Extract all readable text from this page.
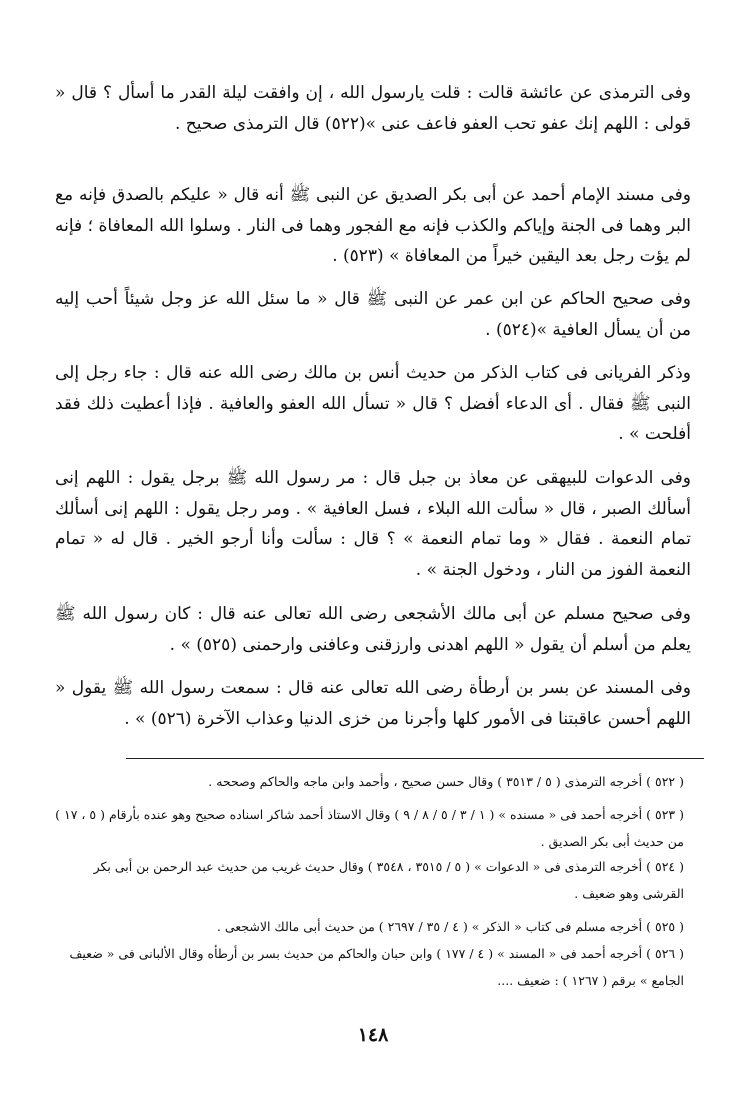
وفى الترمذى عن عائشة قالت : قلت يارسول الله ، إن وافقت ليلة القدر ما أسأل ؟ قال « قولى : اللهم إنك عفو تحب العفو فاعف عنى »(٥٢٢) قال الترمذى صحيح .

وفى مسند الإمام أحمد عن أبى بكر الصديق عن النبى ﷺ أنه قال « عليكم بالصدق فإنه مع البر وهما فى الجنة وإياكم والكذب فإنه مع الفجور وهما فى النار . وسلوا الله المعافاة ؛ فإنه لم يؤت رجل بعد اليقين خيراً من المعافاة » (٥٢٣) .

وفى صحيح الحاكم عن ابن عمر عن النبى ﷺ قال « ما سئل الله عز وجل شيئاً أحب إليه من أن يسأل العافية »(٥٢٤) .

وذكر الفريانى فى كتاب الذكر من حديث أنس بن مالك رضى الله عنه قال : جاء رجل إلى النبى ﷺ فقال . أى الدعاء أفضل ؟ قال « تسأل الله العفو والعافية . فإذا أعطيت ذلك فقد أفلحت » .

وفى الدعوات للبيهقى عن معاذ بن جبل قال : مر رسول الله ﷺ برجل يقول : اللهم إنى أسألك الصبر ، قال « سألت الله البلاء ، فسل العافية » . ومر رجل يقول : اللهم إنى أسألك تمام النعمة . فقال « وما تمام النعمة » ؟ قال : سألت وأنا أرجو الخير . قال له « تمام النعمة الفوز من النار ، ودخول الجنة » .

وفى صحيح مسلم عن أبى مالك الأشجعى رضى الله تعالى عنه قال : كان رسول الله ﷺ يعلم من أسلم أن يقول « اللهم اهدنى وارزقنى وعافنى وارحمنى (٥٢٥) » .

وفى المسند عن بسر بن أرطأة رضى الله تعالى عنه قال : سمعت رسول الله ﷺ يقول « اللهم أحسن عاقبتنا فى الأمور كلها وأجرنا من خزى الدنيا وعذاب الآخرة (٥٢٦) » .

( ٥٢٢ ) أخرجه الترمذى ( ٥ / ٣٥١٣ ) وقال حسن صحيح ، وأحمد وابن ماجه والحاكم وصححه .

( ٥٢٣ ) أخرجه أحمد فى « مسنده » ( ١ / ٣ / ٥ / ٨ / ٩ ) وقال الاستاذ أحمد شاكر اسناده صحيح وهو عنده بأرقام ( ٥ ، ١٧ ) من حديث أبى بكر الصديق .

( ٥٢٤ ) أخرجه الترمذى فى « الدعوات » ( ٥ / ٣٥١٥ ، ٣٥٤٨ ) وقال حديث غريب من حديث عبد الرحمن بن أبى بكر القرشى وهو ضعيف .

( ٥٢٥ ) أخرجه مسلم فى كتاب « الذكر » ( ٤ / ٣٥ / ٢٦٩٧ ) من حديث أبى مالك الاشجعى .

( ٥٢٦ ) أخرجه أحمد فى « المسند » ( ٤ / ١٧٧ ) وابن حبان والحاكم من حديث بسر بن أرطأه وقال الألبانى فى « ضعيف الجامع » برقم ( ١٢٦٧ ) : ضعيف ....

١٤٨
